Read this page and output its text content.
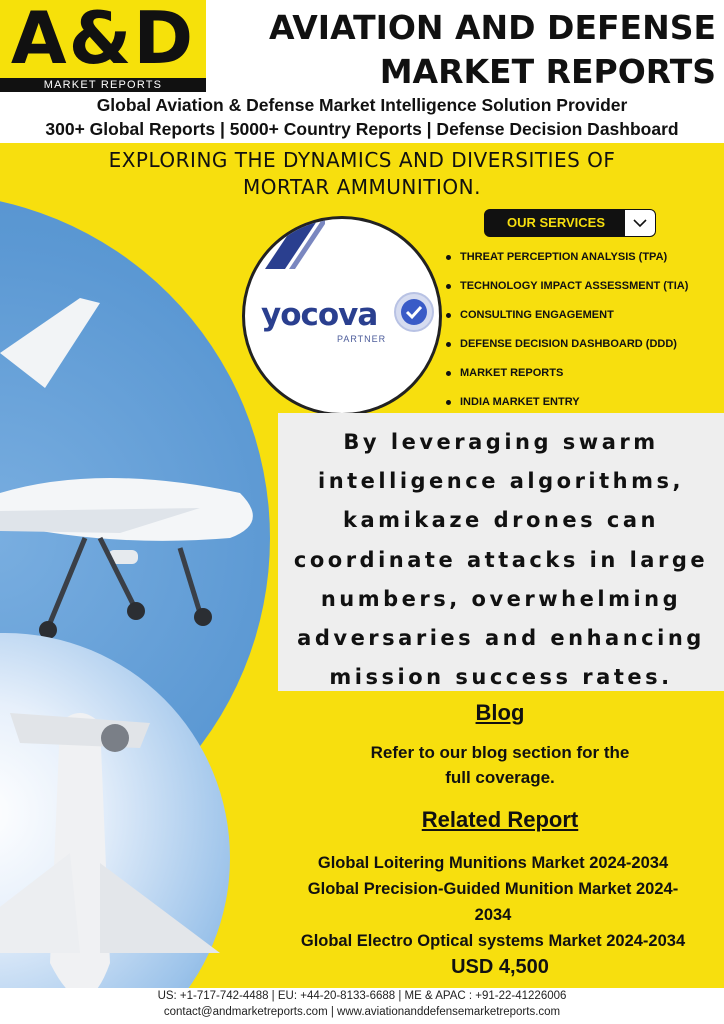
A&D
MARKET REPORTS
AVIATION AND DEFENSE
MARKET REPORTS
Global Aviation & Defense Market Intelligence Solution Provider
300+ Global Reports | 5000+ Country Reports | Defense Decision Dashboard
EXPLORING THE DYNAMICS AND DIVERSITIES OF
MORTAR AMMUNITION.
OUR SERVICES
THREAT PERCEPTION ANALYSIS (TPA)
TECHNOLOGY IMPACT ASSESSMENT (TIA)
CONSULTING ENGAGEMENT
DEFENSE DECISION DASHBOARD (DDD)
MARKET REPORTS
INDIA MARKET ENTRY
yocova
PARTNER
By leveraging swarm intelligence algorithms, kamikaze drones can coordinate attacks in large numbers, overwhelming adversaries and enhancing mission success rates.
Blog
Refer to our blog section for the
full coverage.
Related Report
Global Loitering Munitions Market 2024-2034
Global Precision-Guided Munition Market 2024-
2034
Global Electro Optical systems Market 2024-2034
USD 4,500
US: +1-717-742-4488 | EU: +44-20-8133-6688 | ME & APAC : +91-22-41226006
contact@andmarketreports.com | www.aviationanddefensemarketreports.com
